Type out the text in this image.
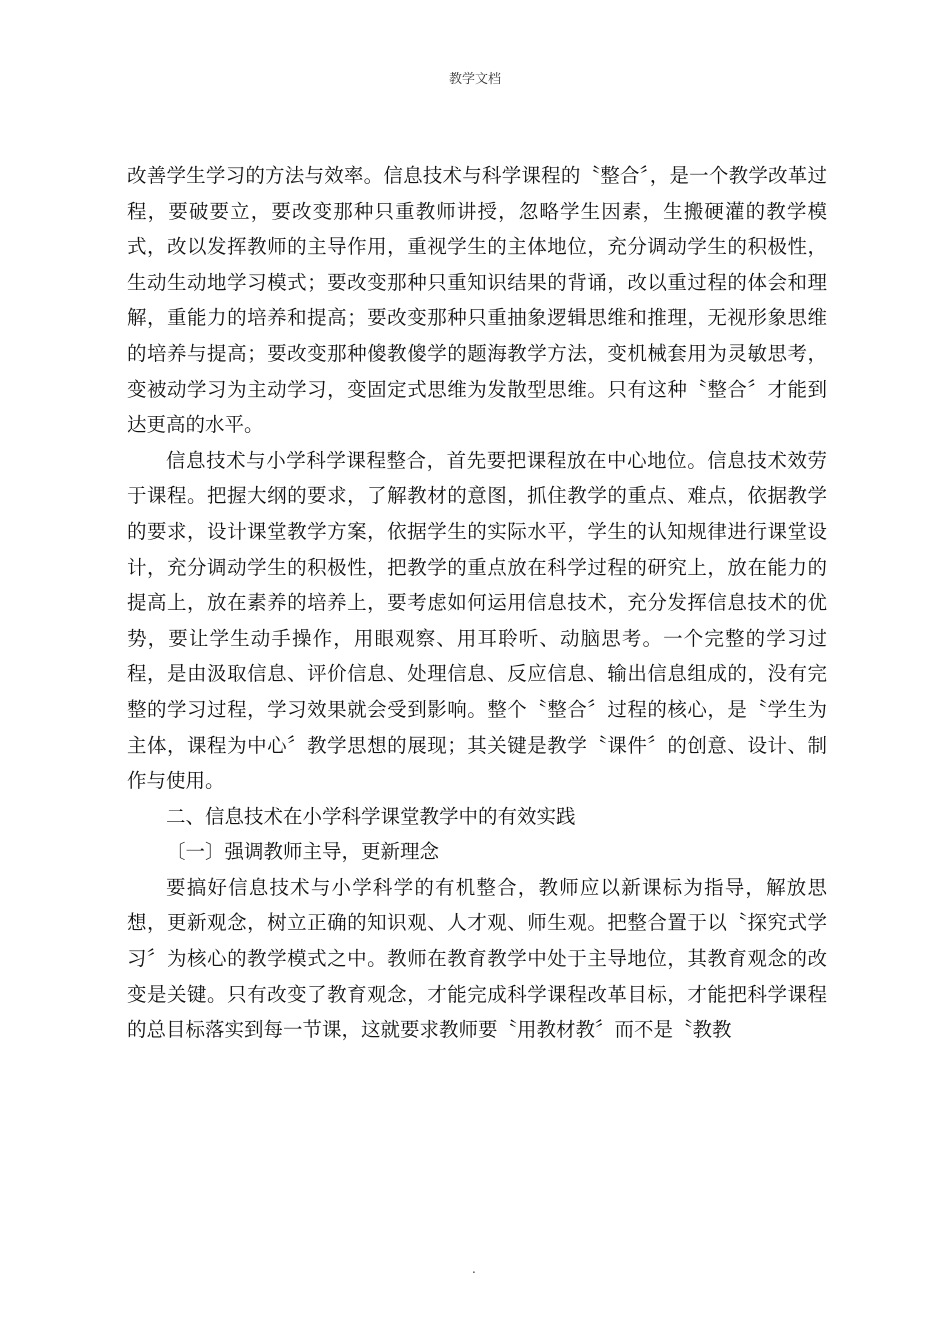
教学文档

改善学生学习的方法与效率。信息技术与科学课程的〝整合〞，是一个教学改革过程，要破要立，要改变那种只重教师讲授，忽略学生因素，生搬硬灌的教学模式，改以发挥教师的主导作用，重视学生的主体地位，充分调动学生的积极性，生动生动地学习模式；要改变那种只重知识结果的背诵，改以重过程的体会和理解，重能力的培养和提高；要改变那种只重抽象逻辑思维和推理，无视形象思维的培养与提高；要改变那种傻教傻学的题海教学方法，变机械套用为灵敏思考，变被动学习为主动学习，变固定式思维为发散型思维。只有这种〝整合〞才能到达更高的水平。

信息技术与小学科学课程整合，首先要把课程放在中心地位。信息技术效劳于课程。把握大纲的要求，了解教材的意图，抓住教学的重点、难点，依据教学的要求，设计课堂教学方案，依据学生的实际水平，学生的认知规律进行课堂设计，充分调动学生的积极性，把教学的重点放在科学过程的研究上，放在能力的提高上，放在素养的培养上，要考虑如何运用信息技术，充分发挥信息技术的优势，要让学生动手操作，用眼观察、用耳聆听、动脑思考。一个完整的学习过程，是由汲取信息、评价信息、处理信息、反应信息、输出信息组成的，没有完整的学习过程，学习效果就会受到影响。整个〝整合〞过程的核心，是〝学生为主体，课程为中心〞教学思想的展现；其关键是教学〝课件〞的创意、设计、制作与使用。

二、信息技术在小学科学课堂教学中的有效实践

〔一〕强调教师主导，更新理念

要搞好信息技术与小学科学的有机整合，教师应以新课标为指导，解放思想，更新观念，树立正确的知识观、人才观、师生观。把整合置于以〝探究式学习〞为核心的教学模式之中。教师在教育教学中处于主导地位，其教育观念的改变是关键。只有改变了教育观念，才能完成科学课程改革目标，才能把科学课程的总目标落实到每一节课，这就要求教师要〝用教材教〞而不是〝教教

.
